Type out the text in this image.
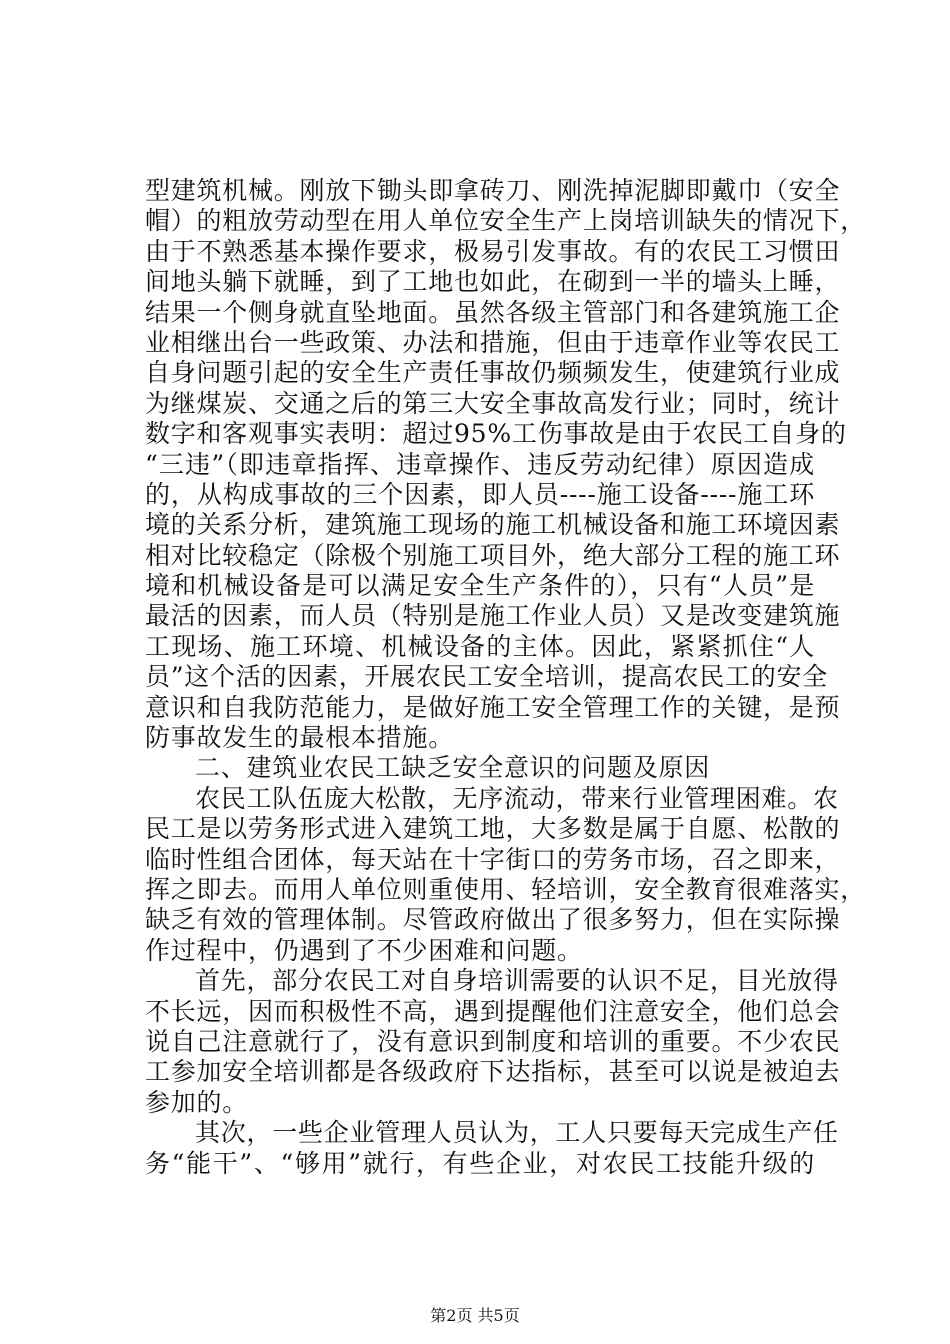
型建筑机械。刚放下锄头即拿砖刀、刚洗掉泥脚即戴巾（安全
帽）的粗放劳动型在用人单位安全生产上岗培训缺失的情况下，
由于不熟悉基本操作要求，极易引发事故。有的农民工习惯田
间地头躺下就睡，到了工地也如此，在砌到一半的墙头上睡，
结果一个侧身就直坠地面。虽然各级主管部门和各建筑施工企
业相继出台一些政策、办法和措施，但由于违章作业等农民工
自身问题引起的安全生产责任事故仍频频发生，使建筑行业成
为继煤炭、交通之后的第三大安全事故高发行业；同时，统计
数字和客观事实表明：超过95%工伤事故是由于农民工自身的
“三违”（即违章指挥、违章操作、违反劳动纪律）原因造成
的，从构成事故的三个因素，即人员----施工设备----施工环
境的关系分析，建筑施工现场的施工机械设备和施工环境因素
相对比较稳定（除极个别施工项目外，绝大部分工程的施工环
境和机械设备是可以满足安全生产条件的），只有“人员”是
最活的因素，而人员（特别是施工作业人员）又是改变建筑施
工现场、施工环境、机械设备的主体。因此，紧紧抓住“人
员”这个活的因素，开展农民工安全培训，提高农民工的安全
意识和自我防范能力，是做好施工安全管理工作的关键，是预
防事故发生的最根本措施。
二、建筑业农民工缺乏安全意识的问题及原因
农民工队伍庞大松散，无序流动，带来行业管理困难。农
民工是以劳务形式进入建筑工地，大多数是属于自愿、松散的
临时性组合团体，每天站在十字街口的劳务市场，召之即来，
挥之即去。而用人单位则重使用、轻培训，安全教育很难落实，
缺乏有效的管理体制。尽管政府做出了很多努力，但在实际操
作过程中，仍遇到了不少困难和问题。
首先，部分农民工对自身培训需要的认识不足，目光放得
不长远，因而积极性不高，遇到提醒他们注意安全，他们总会
说自己注意就行了，没有意识到制度和培训的重要。不少农民
工参加安全培训都是各级政府下达指标，甚至可以说是被迫去
参加的。
其次，一些企业管理人员认为，工人只要每天完成生产任
务“能干”、“够用”就行，有些企业，对农民工技能升级的
第2页 共5页
